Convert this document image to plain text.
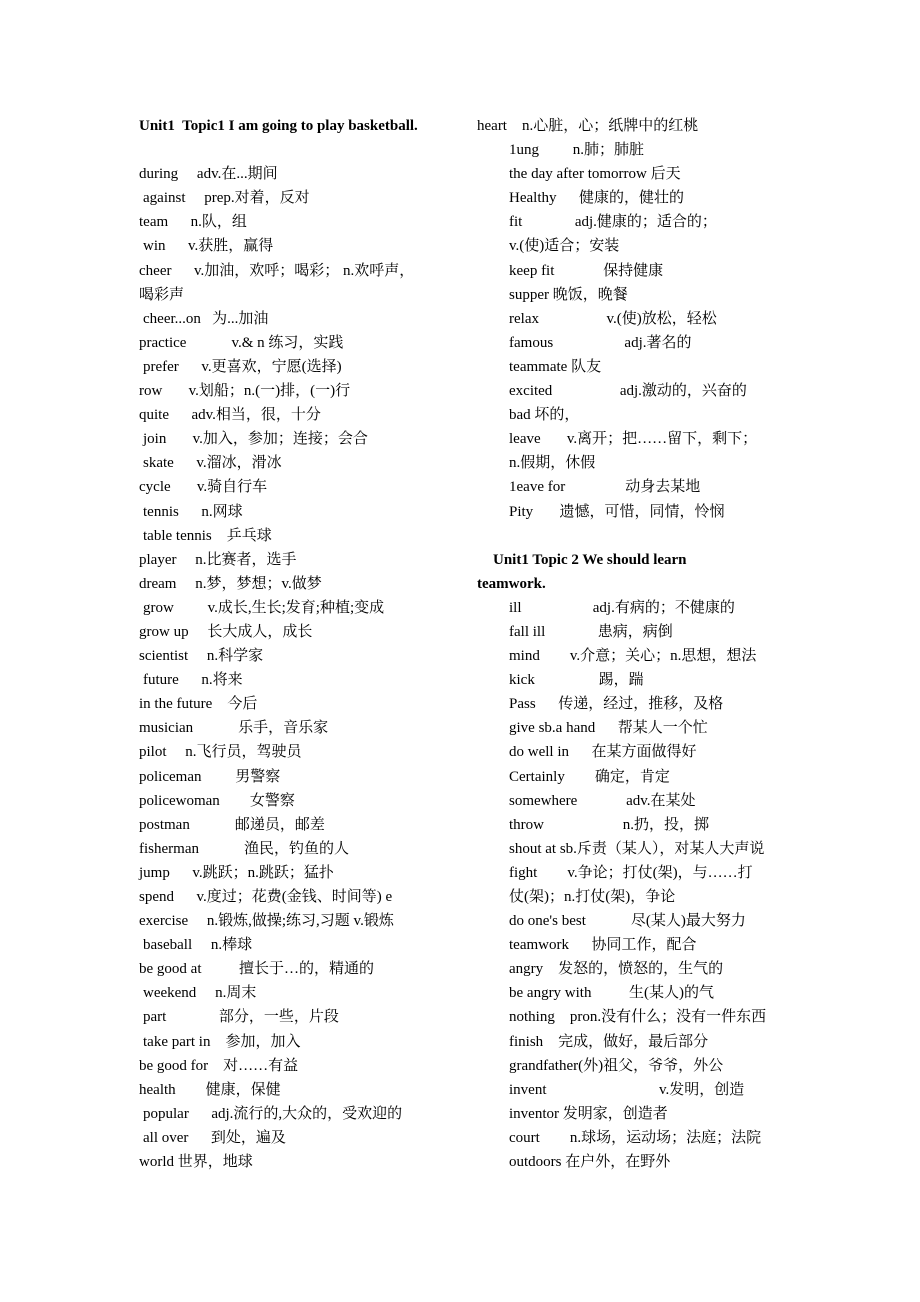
Unit1  Topic1 I am going to play basketball.
during adv.在...期间
against prep.对着，反对
team n.队，组
win v.获胜，赢得
cheer v.加油，欢呼；喝彩； n.欢呼声，
喝彩声
cheer...on 为...加油
practice	v.& n 练习，实践
prefer v.更喜欢，宁愿(选择)
row v.划船；n.(一)排，(一)行
quite adv.相当，很，十分
join v.加入，参加；连接；会合
skate v.溜冰，滑冰
cycle v.骑自行车
tennis n.网球
table tennis 乒乓球
player n.比赛者，选手
dream n.梦，梦想；v.做梦
grow v.成长,生长;发育;种植;变成
grow up 长大成人，成长
scientist n.科学家
future n.将来
in the future 今后
musician	乐手，音乐家
pilot n.飞行员，驾驶员
policeman 男警察
policewoman 女警察
postman	邮递员，邮差
fisherman	渔民，钓鱼的人
jump v.跳跃；n.跳跃；猛扑
spend v.度过；花费(金钱、时间等) e
exercise n.锻炼,做操;练习,习题 v.锻炼
baseball n.棒球
be good at	擅长于…的，精通的
weekend n.周末
part	部分，一些，片段
take part in 参加，加入
be good for 对……有益
health 健康，保健
popular adj.流行的,大众的，受欢迎的
all over 到处，遍及
world 世界，地球
heart n.心脏，心；纸牌中的红桃
1ung n.肺；肺脏
the day after tomorrow 后天
Healthy 健康的，健壮的
fit	adj.健康的；适合的；
v.(使)适合；安装
keep fit	保持健康
supper 晚饭，晚餐
relax	v.(使)放松，轻松
famous	adj.著名的
teammate 队友
excited	adj.激动的，兴奋的
bad 坏的，
leave v.离开；把……留下，剩下；
n.假期，休假
1eave for	动身去某地
Pity 遗憾，可惜，同情，怜悯
Unit1 Topic 2 We should learn
teamwork.
ill	adj.有病的；不健康的
fall ill	患病，病倒
mind v.介意；关心；n.思想，想法
kick	踢，踹
Pass 传递，经过，推移，及格
give sb.a hand 帮某人一个忙
do well in 在某方面做得好
Certainly 确定，肯定
somewhere	adv.在某处
throw	n.扔，投，掷
shout at sb.斥责（某人），对某人大声说
fight v.争论；打仗(架)，与……打
仗(架)；n.打仗(架)，争论
do one's best	尽(某人)最大努力
teamwork 协同工作，配合
angry 发怒的，愤怒的，生气的
be angry with	生(某人)的气
nothing pron.没有什么；没有一件东西
finish 完成，做好，最后部分
grandfather(外)祖父，爷爷，外公
invent	v.发明，创造
inventor 发明家，创造者
court n.球场，运动场；法庭；法院
outdoors 在户外，在野外
